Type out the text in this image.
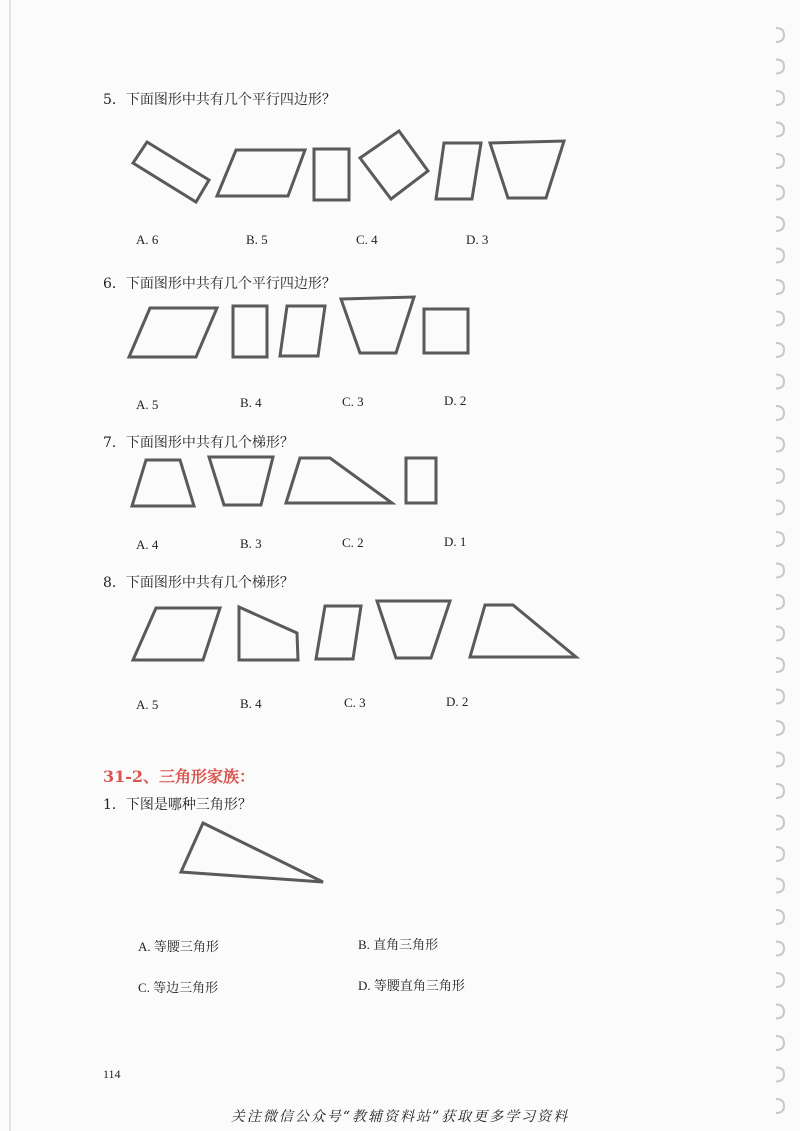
5．下面图形中共有几个平行四边形？
A. 6	B. 5	C. 4	D. 3
6．下面图形中共有几个平行四边形？
A. 5	B. 4	C. 3	D. 2
7．下面图形中共有几个梯形？
A. 4	B. 3	C. 2	D. 1
8．下面图形中共有几个梯形？
A. 5	B. 4	C. 3	D. 2
31-2、三角形家族：
1．下图是哪种三角形？
A. 等腰三角形	B. 直角三角形
C. 等边三角形	D. 等腰直角三角形
114
关注微信公众号“教辅资料站”获取更多学习资料
